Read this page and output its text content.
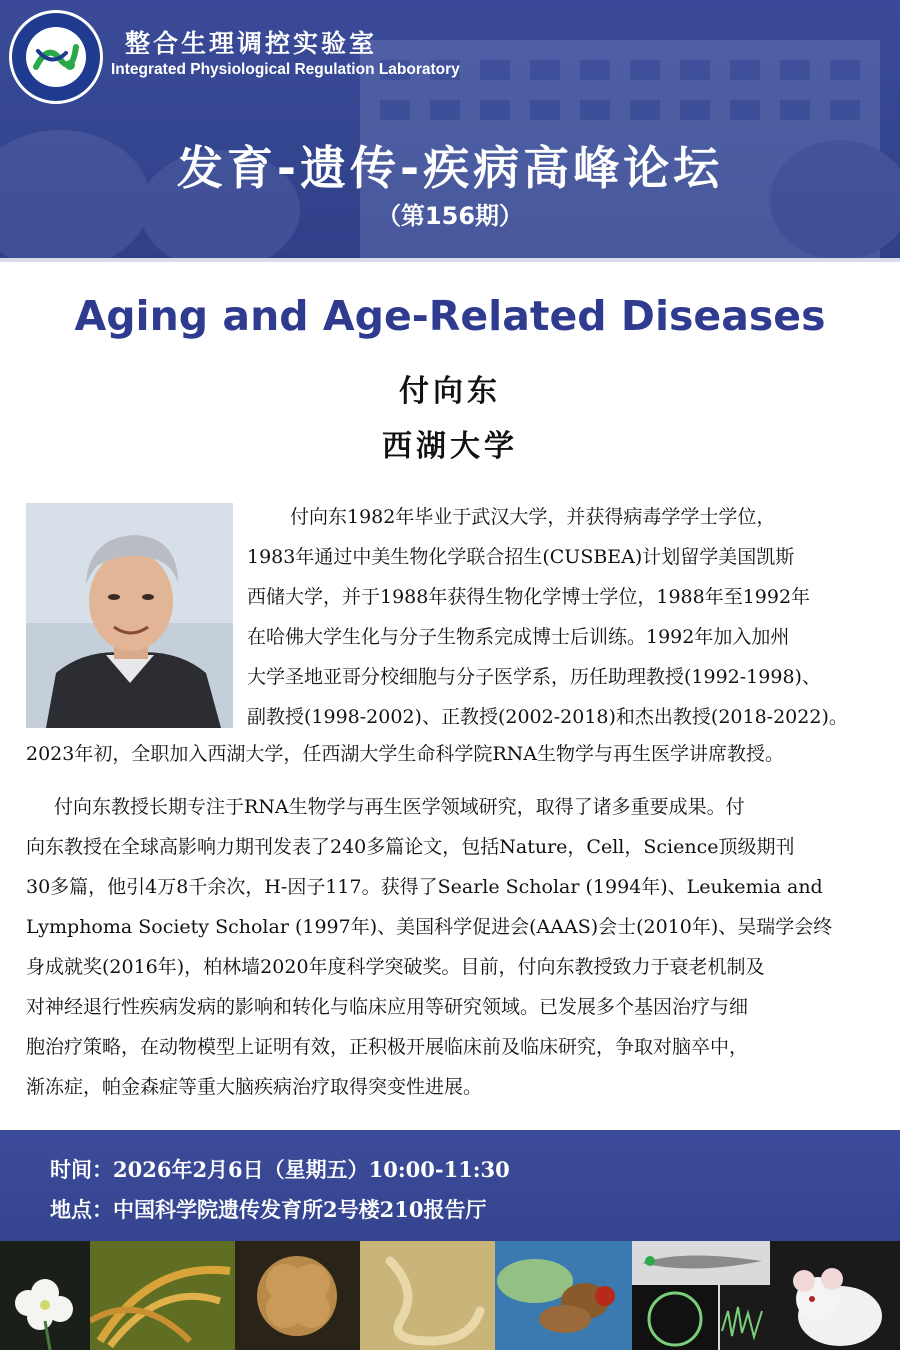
整合生理调控实验室
Integrated Physiological Regulation Laboratory
发育-遗传-疾病高峰论坛
（第156期）
Aging and Age-Related Diseases
付向东
西湖大学
付向东1982年毕业于武汉大学，并获得病毒学学士学位，
1983年通过中美生物化学联合招生(CUSBEA)计划留学美国凯斯
西储大学，并于1988年获得生物化学博士学位，1988年至1992年
在哈佛大学生化与分子生物系完成博士后训练。1992年加入加州
大学圣地亚哥分校细胞与分子医学系，历任助理教授(1992-1998)、
副教授(1998-2002)、正教授(2002-2018)和杰出教授(2018-2022)。
2023年初，全职加入西湖大学，任西湖大学生命科学院RNA生物学与再生医学讲席教授。
付向东教授长期专注于RNA生物学与再生医学领域研究，取得了诸多重要成果。付
向东教授在全球高影响力期刊发表了240多篇论文，包括Nature，Cell，Science顶级期刊
30多篇，他引4万8千余次，H-因子117。获得了Searle Scholar (1994年)、Leukemia and
Lymphoma Society Scholar (1997年)、美国科学促进会(AAAS)会士(2010年)、吴瑞学会终
身成就奖(2016年)，柏林墙2020年度科学突破奖。目前，付向东教授致力于衰老机制及
对神经退行性疾病发病的影响和转化与临床应用等研究领域。已发展多个基因治疗与细
胞治疗策略，在动物模型上证明有效，正积极开展临床前及临床研究，争取对脑卒中，
渐冻症，帕金森症等重大脑疾病治疗取得突变性进展。
时间：2026年2月6日（星期五）10:00-11:30
地点：中国科学院遗传发育所2号楼210报告厅
